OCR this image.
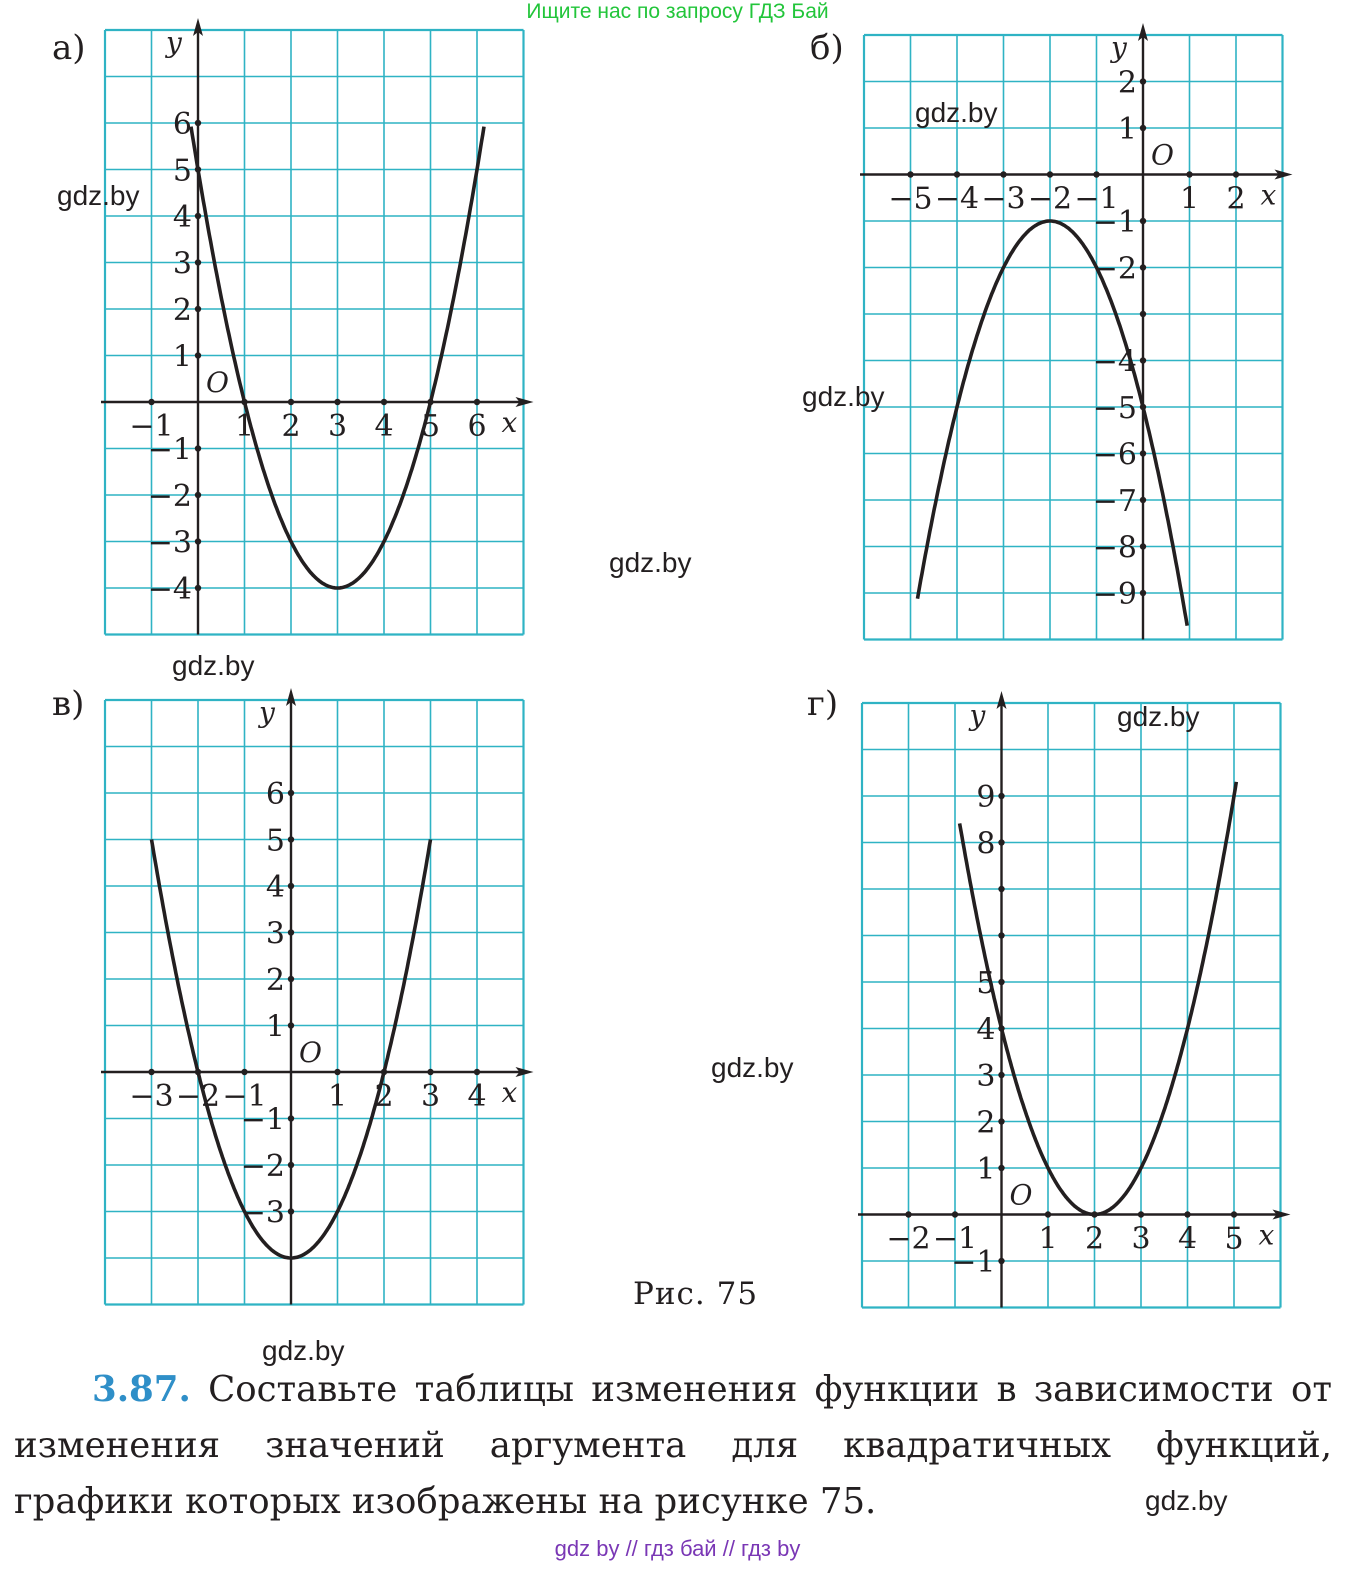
Ищите нас по запросу ГДЗ Бай
а)	б)
в)	г)
x
y
O
−1 1 2 3 4 5 6
−4
−3
−2
−1
1
2
3
4
5
6
x
y
O
−5 −4 −3 −2 −1 1 2
−9
−8
−7
−6
−5
−4
−2
−1
1
2
x
y
O
−3 −2 −1 1 2 3 4
−3
−2
−1
1
2
3
4
5
6
x
y
O
−2 −1 1 2 3 4 5
−1
1
2
3
4
5
8
9
gdz.by
gdz.by
gdz.by
gdz.by
gdz.by
gdz.by
gdz.by
gdz.by
Рис. 75
3.87. Составьте таблицы изменения функции в зависимости от изменения значений аргумента для квадратичных функций, графики которых изображены на рисунке 75.	gdz.by
gdz by // гдз бай // гдз by
